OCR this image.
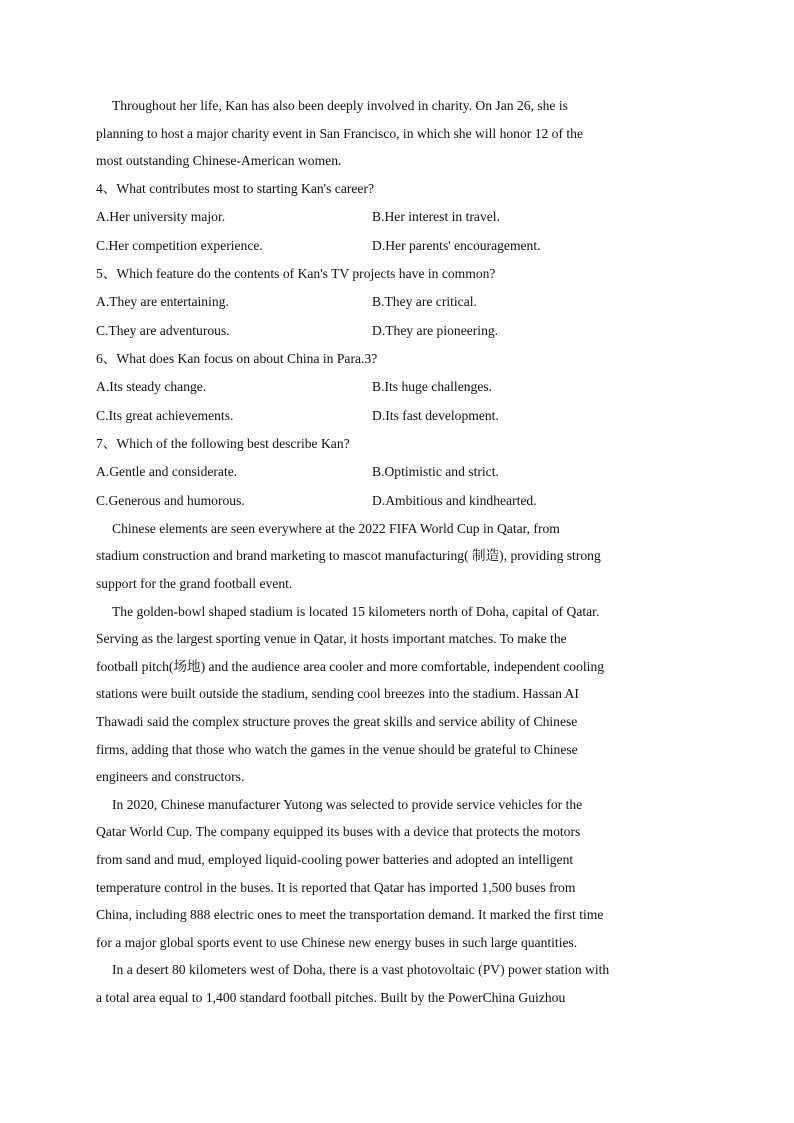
Throughout her life, Kan has also been deeply involved in charity. On Jan 26, she is

planning to host a major charity event in San Francisco, in which she will honor 12 of the

most outstanding Chinese-American women.

4、What contributes most to starting Kan's career?

A.Her university major.	B.Her interest in travel.
C.Her competition experience.	D.Her parents' encouragement.

5、Which feature do the contents of Kan's TV projects have in common?

A.They are entertaining.	B.They are critical.
C.They are adventurous.	D.They are pioneering.

6、What does Kan focus on about China in Para.3?

A.Its steady change.	B.Its huge challenges.
C.Its great achievements.	D.Its fast development.

7、Which of the following best describe Kan?

A.Gentle and considerate.	B.Optimistic and strict.
C.Generous and humorous.	D.Ambitious and kindhearted.

Chinese elements are seen everywhere at the 2022 FIFA World Cup in Qatar, from

stadium construction and brand marketing to mascot manufacturing( 制造), providing strong

support for the grand football event.

The golden-bowl shaped stadium is located 15 kilometers north of Doha, capital of Qatar.

Serving as the largest sporting venue in Qatar, it hosts important matches. To make the

football pitch(场地) and the audience area cooler and more comfortable, independent cooling

stations were built outside the stadium, sending cool breezes into the stadium. Hassan AI

Thawadi said the complex structure proves the great skills and service ability of Chinese

firms, adding that those who watch the games in the venue should be grateful to Chinese

engineers and constructors.

In 2020, Chinese manufacturer Yutong was selected to provide service vehicles for the

Qatar World Cup. The company equipped its buses with a device that protects the motors

from sand and mud, employed liquid-cooling power batteries and adopted an intelligent

temperature control in the buses. It is reported that Qatar has imported 1,500 buses from

China, including 888 electric ones to meet the transportation demand. It marked the first time

for a major global sports event to use Chinese new energy buses in such large quantities.

In a desert 80 kilometers west of Doha, there is a vast photovoltaic (PV) power station with

a total area equal to 1,400 standard football pitches. Built by the PowerChina Guizhou
